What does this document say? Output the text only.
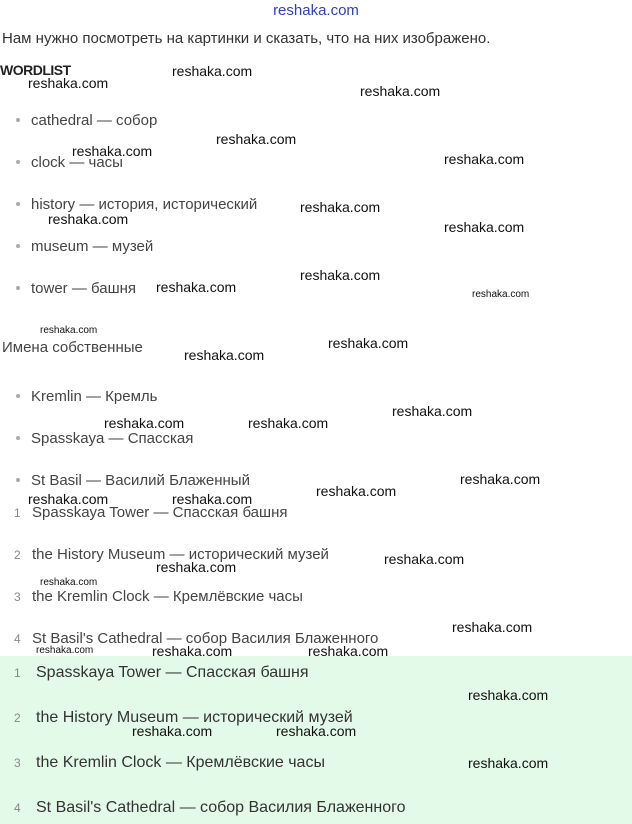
reshaka.com
Нам нужно посмотреть на картинки и сказать, что на них изображено.
WORDLIST
cathedral — собор
clock — часы
history — история, исторический
museum — музей
tower — башня
Имена собственные
Kremlin — Кремль
Spasskaya — Спасская
St Basil — Василий Блаженный
1 Spasskaya Tower — Спасская башня
2 the History Museum — исторический музей
3 the Kremlin Clock — Кремлёвские часы
4 St Basil's Cathedral — собор Василия Блаженного
1 Spasskaya Tower — Спасская башня
2 the History Museum — исторический музей
3 the Kremlin Clock — Кремлёвские часы
4 St Basil's Cathedral — собор Василия Блаженного
reshaka.com
reshaka.com	reshaka.com
reshaka.com
reshaka.com	reshaka.com
reshaka.com
reshaka.com	reshaka.com
reshaka.com
reshaka.com	reshaka.com
reshaka.com
reshaka.com
reshaka.com
reshaka.com
reshaka.com	reshaka.com
reshaka.com
reshaka.com
reshaka.com	reshaka.com
reshaka.com
reshaka.com
reshaka.com
reshaka.com
reshaka.com	reshaka.com	reshaka.com
reshaka.com
reshaka.com	reshaka.com
reshaka.com
